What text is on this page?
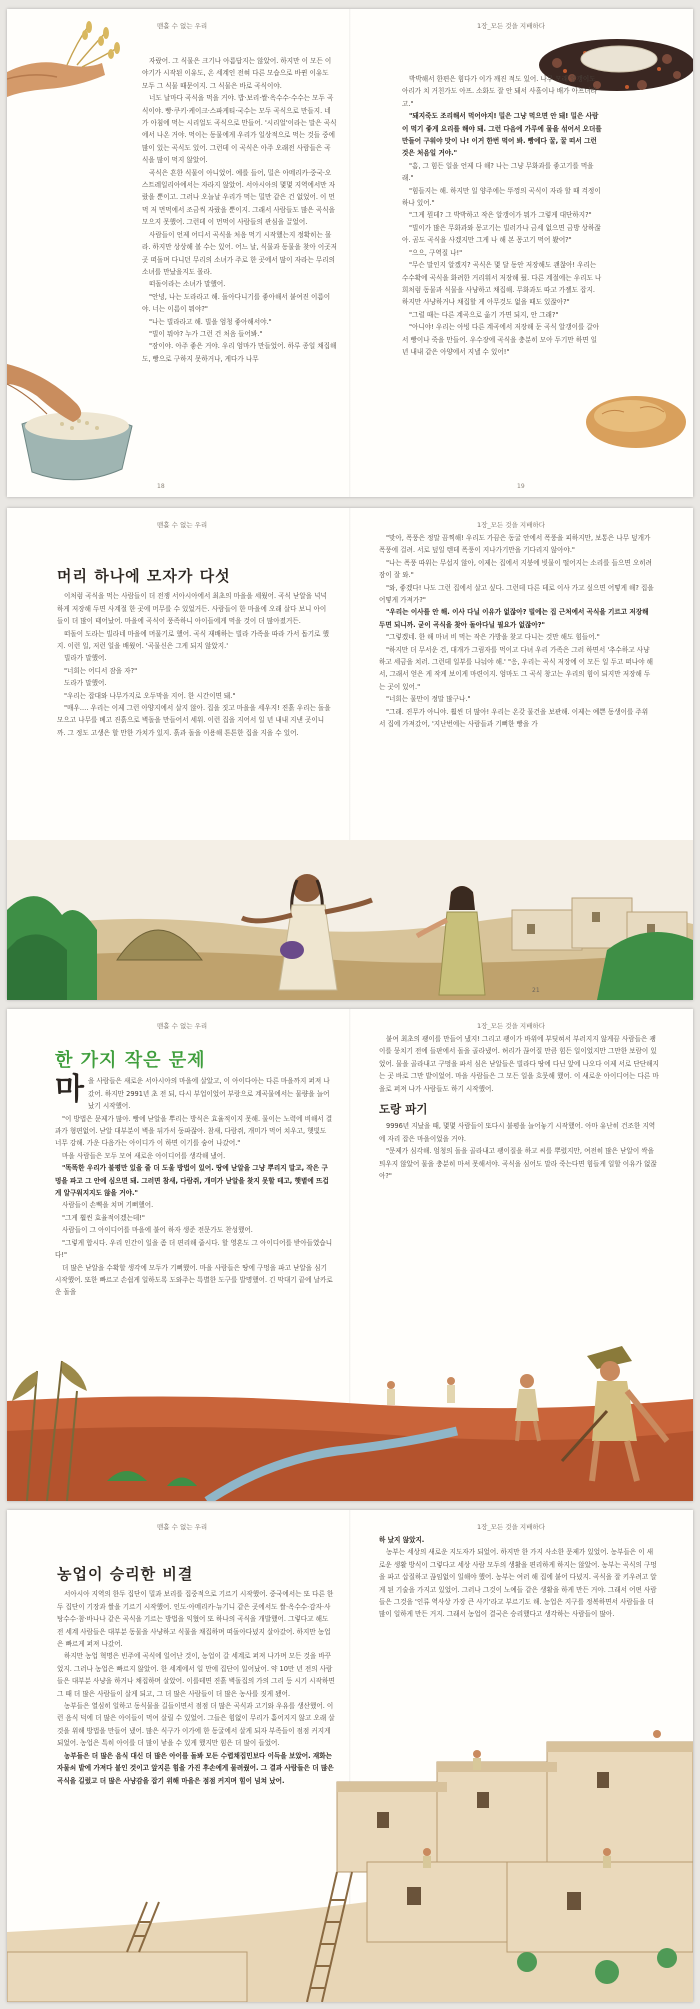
맨홀 수 없는 우리	1장_모든 것을 지배하다

자랐어. 그 식물은 크기나 아름답지는 않았어. 하지만 이 모든 이야기가 시작된 이유도, 온 세계인 전혀 다른 모습으로 바뀐 이유도 모두 그 식물 때문이지. 그 식물은 바로 곡식이야.

너도 날마다 곡식을 먹을 거야. 밥·보리·쌀·옥수수·수수는 모두 곡식이야. 빵·쿠키·케이크·스파게티·국수는 모두 곡식으로 만들지. 네가 아침에 먹는 시리얼도 곡식으로 만들어. '시리얼'이라는 말은 곡식에서 나온 거야. 먹이는 동물에게 우리가 일상적으로 먹는 것들 중에 많이 있는 곡식도 있어. 그런데 이 곡식은 아주 오래전 사람들은 곡식을 많이 먹지 않았어.

곡식은 흔한 식물이 아니었어. 예를 들어, 밀은 아메리카·중국·오스트레일리아에서는 자라지 않았어. 서아시아의 몇몇 지역에서만 자랐을 뿐이고. 그러나 오늘날 우리가 먹는 밀만 같은 건 없었어. 이 먼먹 저 먼먹에서 조금씩 자랐을 뿐이지. 그래서 사람들도 많은 곡식을 모으지 못했어. 그런데 이 먼먹이 사람들의 관심을 끌었어.

사람들이 언제 어디서 곡식을 처음 먹기 시작했는지 정확히는 몰라. 하지만 상상해 볼 수는 있어. 어느 날, 식물과 동물을 찾아 이곳저곳 떠돌며 다니던 무리의 소녀가 주로 한 곳에서 많이 자라는 무리의 소녀를 만났을지도 몰라.

떠돌이라는 소녀가 말했어.

"안녕, 나는 도라라고 해. 돌아다니기를 좋아해서 붙여진 이름이야. 너는 이름이 뭐야?"

"나는 빌라라고 해. 빌을 엄청 좋아해서야."

"빌이 뭐야? 누가 그런 건 처음 들어봐."

"잠이야. 아주 좋은 거야. 우리 엄마가 만들었어. 하루 종일 채집해도, 빵으로 구하지 못하거나, 게다가 나무

박박해서 한편은 힘다가 이가 깨진 적도 있어. 나무 모래 알갱이도 아리가 치 거친가도 아프. 소화도 잘 안 돼서 사흘이나 배가 아프더라고."

"돼지죽도 조리해서 먹어야지! 밀은 그냥 먹으면 안 돼! 밀은 사람이 먹기 좋게 요리를 해야 돼. 그런 다음에 가루에 물을 섞어서 오더를 만들어 구워야 맛이 나! 이거 한번 먹어 봐. 빵에다 꿀, 꿀 떠서 그런 것은 처음일 거야."

"흠, 그 힘든 일을 언제 다 해? 나는 그냥 무화과를 좋고기를 먹을래."

"힘들지는 해. 하지만 일 양주에는 뚜껑의 곡식이 자라 할 때 걱정이 하나 있어."

"그게 뭔데? 그 박박하고 작은 알갱이가 뭐가 그렇게 대단하지?"

"빌이가 많은 무화과와 몽고기는 빌러가나 금세 없으면 금방 상하잖아. 곰도 곡식을 사겠지만 그게 나 해 본 몽고기 먹어 봤어?"

"으으, 구역질 나!"

"무슨 말인지 알겠지? 곡식은 몇 달 동안 저장해도 괜찮아! 우리는 수수확에 곡식을 화려한 거리워서 저장해 뒀. 다른 계절에는 우리도 나희처럼 동물과 식물을 사냥하고 채집해. 무화과도 따고 가젤도 잡지. 하지만 사냥하거나 채집할 게 아무것도 없을 때도 있잖아?"

"그럴 때는 다른 계곡으로 옮기 가면 되지, 안 그래?"

"아니야! 우리는 아빙 다른 계곡에서 저장해 둔 곡식 알갱이를 갈아서 빵이나 죽을 만들어. 우수장에 곡식을 충분히 모아 두기만 하면 일 년 내내 같은 아양에서 지낼 수 있어!"

18	19
맨홀 수 없는 우리	1장_모든 것을 지배하다
머리 하나에 모자가 다섯

이처럼 곡식을 먹는 사람들이 더 전쟁 서아시아에서 최초의 마을을 세웠어. 곡식 낟알을 넉넉하게 저장해 두면 사계절 한 곳에 머무를 수 있었거든. 사람들이 한 마을에 오래 살다 보니 아이들이 더 많이 태어났어. 마을에 곡식이 풍족하니 아이들에게 먹을 것이 더 많아졌거든.

떠돌이 도라는 빌라네 마을에 머물기로 했어. 곡식 재배하는 빌라 가족을 따라 가서 돕기로 했지. 이런 일, 저런 일을 배웠어. '곡물신은 그게 되지 않았지.'

빌라가 말했어.

"너희는 어디서 잠을 자?"

도라가 말했어.

"우리는 잡대와 나무가지로 오두막을 지어. 한 시간이면 돼."

"매우…. 우리는 이제 그런 아양지에서 살지 않아. 집을 짓고 마을을 세우지! 진흙 우리는 돌을 모으고 나무를 베고 진흙으로 벽돌을 만들어서 세워. 이런 집을 지어서 일 년 내내 지낸 곳이니까. 그 정도 고생은 할 만한 가치가 있지. 흙과 돌을 이용해 튼튼한 집을 지을 수 있어.

"맞아, 폭풍은 정말 끔찍해! 우리도 가끔은 동굴 안에서 폭풍을 피하지만, 보통은 나무 덮개가 폭풍에 걸려. 서로 덮일 텐데 폭풍이 지나가기만을 기다리지 않아야."

"나는 폭풍 따위는 무섭지 않아, 이제는 집에서 지붕에 빗물이 떨어지는 소리를 들으면 오히려 잠이 잘 와."

"와, 좋겠다! 나도 그런 집에서 살고 싶다. 그런데 다른 데로 이사 가고 싶으면 어떻게 해? 집을 어떻게 가져가?"

"우리는 이사를 안 해. 이사 다닐 이유가 없잖아? 빌에는 집 근처에서 곡식을 기르고 저장해 두면 되니까. 굳이 곡식을 찾아 돌아다닐 필요가 없잖아?"

"그렇겠네. 한 해 마녀 비 먹는 작은 가방을 찾고 다니는 것만 해도 힘들어."

"하지만 더 무서운 건, 대개가 그림자를 먹이고 다녀 우리 가족은 그러 하면서 '추수하고 사냥하고 세금을 치러. 그런데 일부를 나눠야 해.' "응, 우리는 곡식 저장에 이 모든 일 두고 떠나야 해서, 그래서 얻은 게 작게 보이게 마련이지. 엄마도 그 곡식 창고는 우리의 힘이 되지만 저장해 두는 곳이 있어."

"너희는 물만이 정말 많구나."

"그래. 진무가 아니야. 훨씬 더 많아! 우리는 온갖 물건을 보관해. 이제는 예쁜 동생이를 주위서 집에 가져갔어, '지난번에는 사람들과 기뻐한 빵을 가

21
맨홀 수 없는 우리	1장_모든 것을 지배하다
한 가지 작은 문제
마 을 사람들은 새로운 서아시아의 마을에 살았고, 이 아이다아는 다른 마을까지 퍼져 나갔어. 하지만 2991년 초 전 되, 다시 부업이었어 부랑으로 계곡물에서는 물량을 늘어났기 시작했어.

"이 방법은 문제가 많아. 빵에 낟알을 뿌리는 방식은 효율적이지 못해. 물이는 노력에 비해서 결과가 형편없어. 낟알 대부분이 벽을 뒤가서 둥파잖아. 참새, 다람쥐, 개미가 먹어 치우고, 햇빛도 너무 강해. 가운 다음가는 아이디가 이 하면 이기를 숨어 나갔어."

마을 사람들은 모두 모여 새로운 아이디어를 생각해 냈어.

"똑똑한 우리가 불평만 있을 줄 더 도울 방법이 있어. 땅에 낟알을 그냥 뿌리지 말고, 작은 구멍을 파고 그 안에 심으면 돼. 그러면 참새, 다람쥐, 개미가 낟알을 찾지 못할 테고, 햇볕에 뜨겁게 알구워지지도 않을 거야."

사람들이 손뼉을 치며 기뻐했어.

"그게 훨씬 효율적이겠는데!"

사람들이 그 아이디어를 마을에 불어 하자 생준 전문가도 찬성했어.

"그렇게 합시다. 우리 인간이 일을 좀 더 편리해 줍시다. 할 영혼도 그 아이디어를 받아들였습니다!"

더 많은 낟알을 수확할 생각에 모두가 기뻐했어. 마을 사람들은 땅에 구멍을 파고 낟알을 심기 시작했어. 또한 빠르고 손쉽게 일하도록 도와주는 특별한 도구를 발명했어. 긴 막대기 끝에 날카로운 돌을

붙여 최초의 괭이를 만들어 냈지! 그리고 괭이가 바위에 부딪혀서 부러지지 않게끔 사람들은 괭이를 뭉치기 전에 들판에서 돌을 골라냈어. 허리가 끊어질 만큼 힘든 일이었지만 그만한 보람이 있었어. 물을 골라내고 구멍을 파서 심은 낟알들은 빌라다 땅에 다닌 앞에 나오다 이제 서로 단단해지는 곳 바로 그만 밭이었어. 마을 사람들은 그 모든 일을 흐뭇해 했어. 이 새로운 아이디어는 다른 마을로 퍼져 나가 사람들도 하기 시작했어.

도랑 파기

9996년 지났을 때, 몇몇 사람들이 또다시 불평을 늘어놓기 시작했어. 아마 유난히 건조한 지역에 자리 잡은 마을이었을 거야.

"문제가 심각해. 엄청의 돌을 골라내고 괭이질을 하고 씨를 뿌렸지만, 여전히 많은 낟알이 싹을 틔우지 않았어 물을 충분히 마셔 못해서야. 곡식을 심어도 말라 죽는다면 힘들게 일할 이유가 없잖아?"

맨홀 수 없는 우리	1장_모든 것을 지배하다
농업이 승리한 비결

서아시아 지역의 한두 집단이 밀과 보리를 집중적으로 기르기 시작했어. 중국에서는 또 다른 한두 집단이 기장과 쌀을 기르기 시작했어. 인도·아메리카·뉴기니 같은 곳에서도 쌀·옥수수·감자·사탕수수·참·바나나 같은 곡식을 기르는 방법을 익혔어 또 하나의 곡식을 개발했어. 그렇다고 해도 전 세계 사람들은 대부분 동물을 사냥하고 식물을 채집하며 떠돌아다녔지 살아갔어. 하지만 농업은 빠르게 퍼져 나갔어.

하지만 농업 혁명은 빈주에 곡식에 일어난 것이, 농업이 갈 세계로 퍼져 나가며 모든 것을 바꾸었지. 그러나 농업은 빠르지 않았어. 한 세계에서 일 만에 집단이 일어났어. 약 10만 년 전의 사람들은 대부분 사냥을 하거나 채집하며 살았어. 이를테면 진흙 벽돌집의 가의 그리 등 시기 시작하면 그 때 더 많은 사람들이 살게 되고, 그 더 많은 사람들이 더 많은 농사를 짓게 됐어.

농부들은 열심히 일하고 동식물을 길들이면서 점점 더 많은 곡식과 고기와 우유를 생산했어. 이런 음식 덕에 더 많은 아이들이 먹여 살릴 수 있었어. 그들은 힘없이 무리가 흩어지지 않고 오래 살 것을 위해 방법을 만들어 냈어. 많은 식구가 이가에 한 동굴에서 살게 되자 부족들이 점점 커지게 되었어. 농업은 특히 아이를 더 많이 낳을 수 있게 했지만 힘은 더 많이 들었어.

농부들은 더 많은 음식 대신 더 많은 아이를 돌봐 모든 수렵채집민보다 이득을 보았어. 재화는 자물쇠 밭에 가져다 붙인 것이고 앞지른 힘을 가진 후손에게 물려줬어. 그 결과 사람들은 더 많은 곡식을 길렀고 더 많은 사냥감을 잡기 위해 마을은 점점 커지며 힘이 넘쳐 났어.

하 났지 않았지.

농부는 세상의 새로운 지도자가 되었어. 하지만 한 가지 사소한 문제가 있었어. 농부들은 이 새로운 생활 방식이 그렇다고 세상 사람 모두의 생활을 편리하게 하지는 않았어. 농부는 곡식의 구멍을 파고 삽질하고 끊임없이 일해야 했어. 농부는 여러 해 집에 붙어 다녔지. 곡식을 잘 키우려고 알게 된 기술을 가지고 있었어. 그러나 그것이 노예들 같은 생활을 하게 만든 거야. 그래서 어떤 사람들은 그것을 '인류 역사상 가장 큰 사기'라고 부르기도 해. 농업은 지구를 정복하면서 사람들을 더 많이 일하게 만든 거지. 그래서 농업이 결국은 승리했다고 생각하는 사람들이 많아.
